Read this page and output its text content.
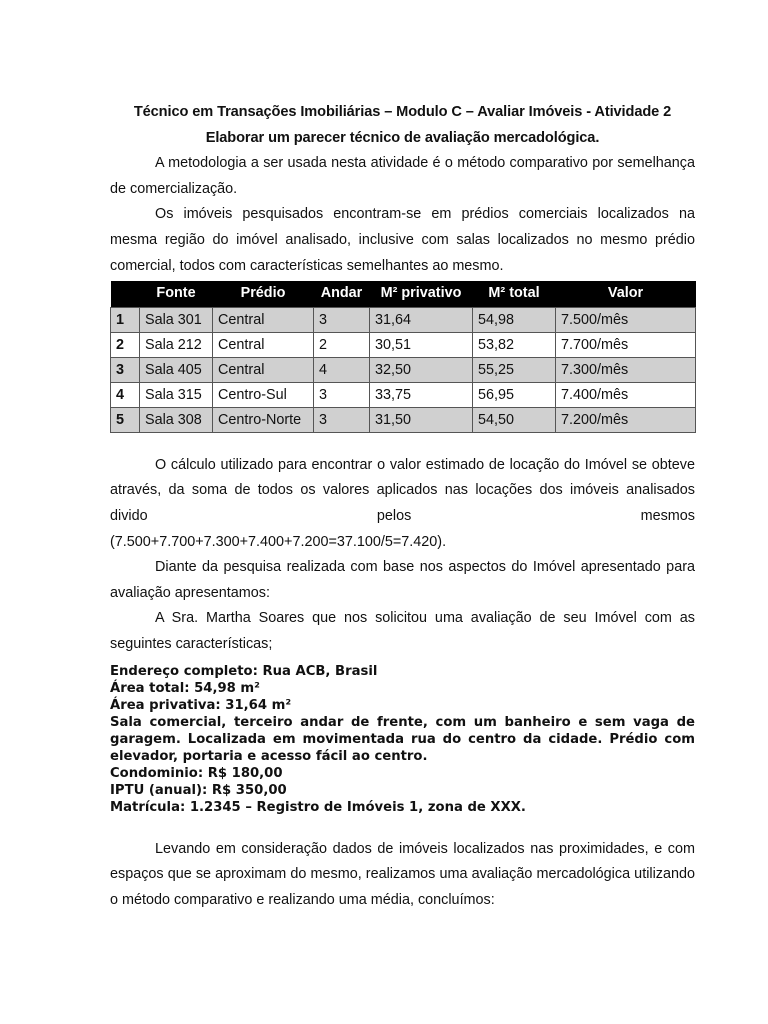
Técnico em Transações Imobiliárias – Modulo C – Avaliar Imóveis - Atividade 2
Elaborar um parecer técnico de avaliação mercadológica.

A metodologia a ser usada nesta atividade é o método comparativo por semelhança de comercialização.

Os imóveis pesquisados encontram-se em prédios comerciais localizados na mesma região do imóvel analisado, inclusive com salas localizados no mesmo prédio comercial, todos com características semelhantes ao mesmo.

	Fonte	Prédio	Andar	M² privativo	M² total	Valor
1	Sala 301	Central	3	31,64	54,98	7.500/mês
2	Sala 212	Central	2	30,51	53,82	7.700/mês
3	Sala 405	Central	4	32,50	55,25	7.300/mês
4	Sala 315	Centro-Sul	3	33,75	56,95	7.400/mês
5	Sala 308	Centro-Norte	3	31,50	54,50	7.200/mês

O cálculo utilizado para encontrar o valor estimado de locação do Imóvel se obteve através, da soma de todos os valores aplicados nas locações dos imóveis analisados divido pelos mesmos

(7.500+7.700+7.300+7.400+7.200=37.100/5=7.420).

Diante da pesquisa realizada com base nos aspectos do Imóvel apresentado para avaliação apresentamos:

A Sra. Martha Soares que nos solicitou uma avaliação de seu Imóvel com as seguintes características;

Endereço completo: Rua ACB, Brasil
Área total: 54,98 m²
Área privativa: 31,64 m²
Sala comercial, terceiro andar de frente, com um banheiro e sem vaga de garagem. Localizada em movimentada rua do centro da cidade. Prédio com elevador, portaria e acesso fácil ao centro.
Condominio: R$ 180,00
IPTU (anual): R$ 350,00
Matrícula: 1.2345 – Registro de Imóveis 1, zona de XXX.

Levando em consideração dados de imóveis localizados nas proximidades, e com espaços que se aproximam do mesmo, realizamos uma avaliação mercadológica utilizando o método comparativo e realizando uma média, concluímos:
